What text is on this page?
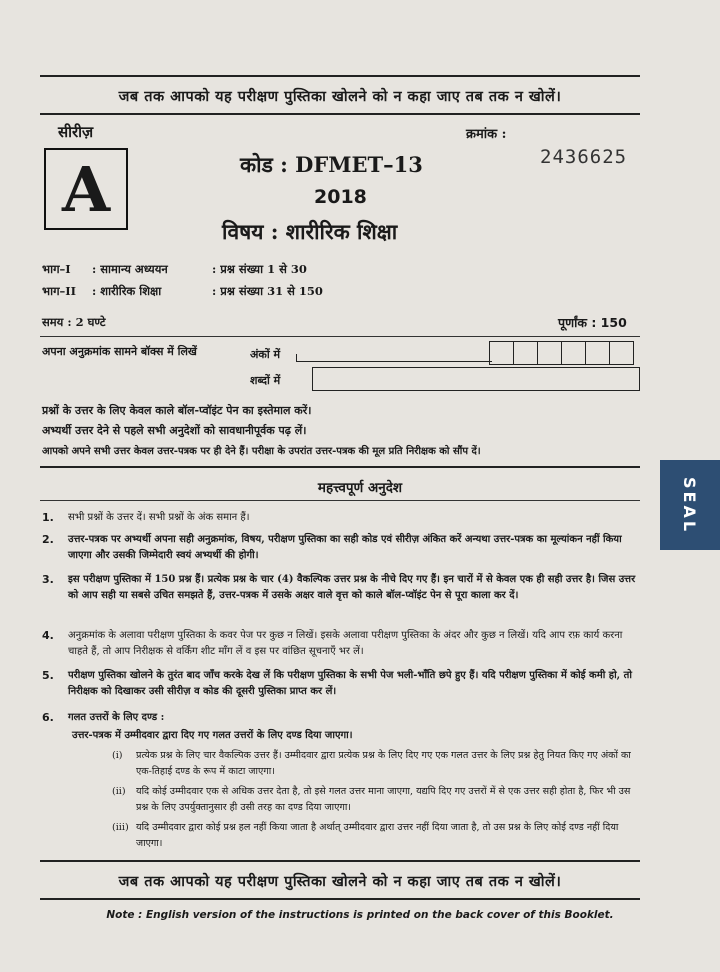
जब तक आपको यह परीक्षण पुस्तिका खोलने को न कहा जाए तब तक न खोलें।
सीरीज़	क्रमांक :
2436625
A	कोड : DFMET–13
2018
विषय : शारीरिक शिक्षा
भाग–I	: सामान्य अध्ययन	: प्रश्न संख्या 1 से 30
भाग–II	: शारीरिक शिक्षा	: प्रश्न संख्या 31 से 150
समय : 2 घण्टे	पूर्णांक : 150
अपना अनुक्रमांक सामने बॉक्स में लिखें	अंकों में
शब्दों में
प्रश्नों के उत्तर के लिए केवल काले बॉल-प्वॉइंट पेन का इस्तेमाल करें।
अभ्यर्थी उत्तर देने से पहले सभी अनुदेशों को सावधानीपूर्वक पढ़ लें।
आपको अपने सभी उत्तर केवल उत्तर-पत्रक पर ही देने हैं। परीक्षा के उपरांत उत्तर-पत्रक की मूल प्रति निरीक्षक को सौंप दें।
महत्त्वपूर्ण अनुदेश
1.	सभी प्रश्नों के उत्तर दें। सभी प्रश्नों के अंक समान हैं।
2.	उत्तर-पत्रक पर अभ्यर्थी अपना सही अनुक्रमांक, विषय, परीक्षण पुस्तिका का सही कोड एवं सीरीज़ अंकित करें अन्यथा उत्तर-पत्रक का मूल्यांकन नहीं किया जाएगा और उसकी जिम्मेदारी स्वयं अभ्यर्थी की होगी।
3.	इस परीक्षण पुस्तिका में 150 प्रश्न हैं। प्रत्येक प्रश्न के चार (4) वैकल्पिक उत्तर प्रश्न के नीचे दिए गए हैं। इन चारों में से केवल एक ही सही उत्तर है। जिस उत्तर को आप सही या सबसे उचित समझते हैं, उत्तर-पत्रक में उसके अक्षर वाले वृत्त को काले बॉल-प्वॉइंट पेन से पूरा काला कर दें।
4.	अनुक्रमांक के अलावा परीक्षण पुस्तिका के कवर पेज पर कुछ न लिखें। इसके अलावा परीक्षण पुस्तिका के अंदर और कुछ न लिखें। यदि आप रफ़ कार्य करना चाहते हैं, तो आप निरीक्षक से वर्किंग शीट माँग लें व इस पर वांछित सूचनाएँ भर लें।
5.	परीक्षण पुस्तिका खोलने के तुरंत बाद जाँच करके देख लें कि परीक्षण पुस्तिका के सभी पेज भली-भाँति छपे हुए हैं। यदि परीक्षण पुस्तिका में कोई कमी हो, तो निरीक्षक को दिखाकर उसी सीरीज़ व कोड की दूसरी पुस्तिका प्राप्त कर लें।
6.	गलत उत्तरों के लिए दण्ड :
उत्तर-पत्रक में उम्मीदवार द्वारा दिए गए गलत उत्तरों के लिए दण्ड दिया जाएगा।
(i)	प्रत्येक प्रश्न के लिए चार वैकल्पिक उत्तर हैं। उम्मीदवार द्वारा प्रत्येक प्रश्न के लिए दिए गए एक गलत उत्तर के लिए प्रश्न हेतु नियत किए गए अंकों का एक-तिहाई दण्ड के रूप में काटा जाएगा।
(ii)	यदि कोई उम्मीदवार एक से अधिक उत्तर देता है, तो इसे गलत उत्तर माना जाएगा, यद्यपि दिए गए उत्तरों में से एक उत्तर सही होता है, फिर भी उस प्रश्न के लिए उपर्युक्तानुसार ही उसी तरह का दण्ड दिया जाएगा।
(iii) यदि उम्मीदवार द्वारा कोई प्रश्न हल नहीं किया जाता है अर्थात् उम्मीदवार द्वारा उत्तर नहीं दिया जाता है, तो उस प्रश्न के लिए कोई दण्ड नहीं दिया जाएगा।
जब तक आपको यह परीक्षण पुस्तिका खोलने को न कहा जाए तब तक न खोलें।
Note : English version of the instructions is printed on the back cover of this Booklet.
SEAL
